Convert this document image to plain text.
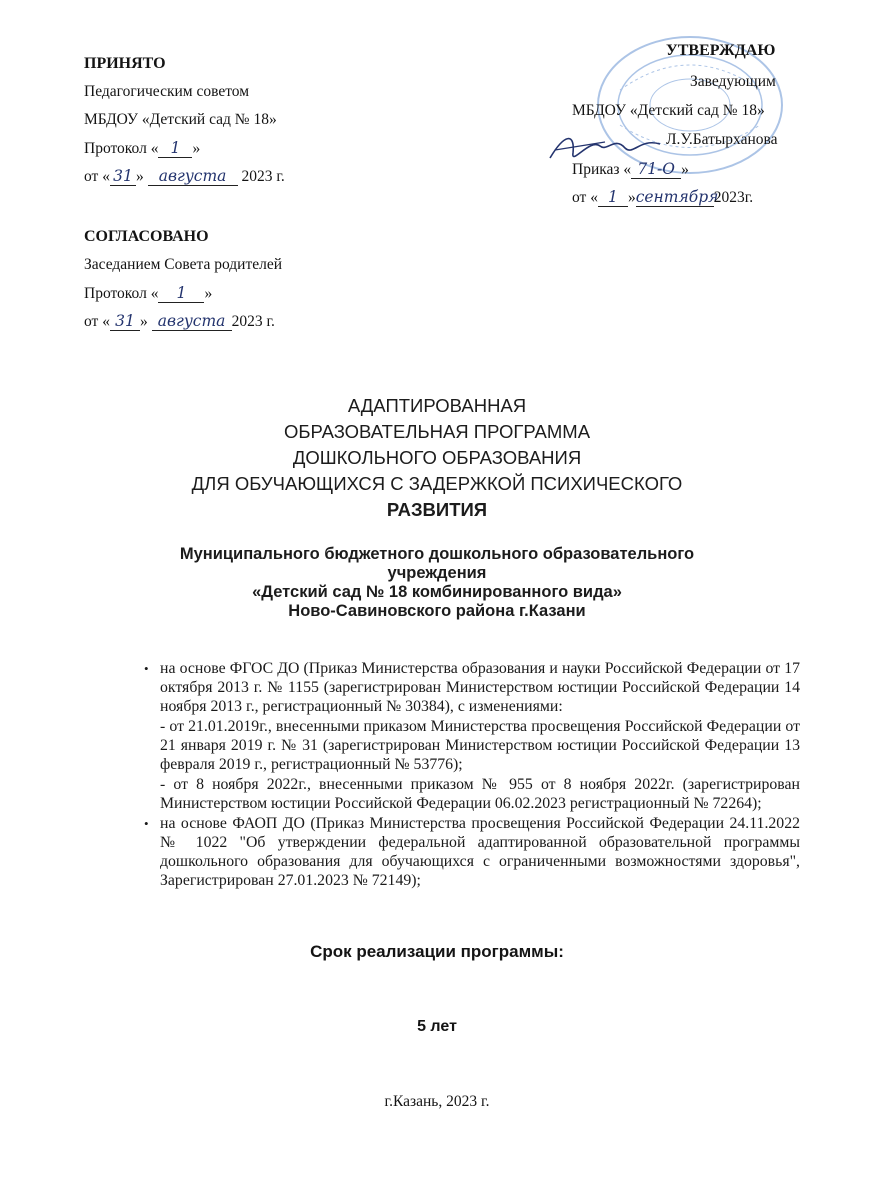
ПРИНЯТО
Педагогическим советом
МБДОУ «Детский сад № 18»
Протокол « 1 »
от « 31 » августа 2023 г.
УТВЕРЖДАЮ
Заведующим
МБДОУ «Детский сад № 18»
Л.У.Батырханова
Приказ « 71-О »
от « 1 »сентября2023г.
СОГЛАСОВАНО
Заседанием Совета родителей
Протокол « 1 »
от « 31 » августа 2023 г.
АДАПТИРОВАННАЯ
ОБРАЗОВАТЕЛЬНАЯ ПРОГРАММА
ДОШКОЛЬНОГО ОБРАЗОВАНИЯ
ДЛЯ ОБУЧАЮЩИХСЯ С ЗАДЕРЖКОЙ ПСИХИЧЕСКОГО
РАЗВИТИЯ
Муниципального бюджетного дошкольного образовательного
учреждения
«Детский сад № 18 комбинированного вида»
Ново-Савиновского района г.Казани
• на основе ФГОС ДО (Приказ Министерства образования и науки Российской Федерации от 17 октября 2013 г. № 1155 (зарегистрирован Министерством юстиции Российской Федерации 14 ноября 2013 г., регистрационный № 30384), с изменениями:

- от 21.01.2019г., внесенными приказом Министерства просвещения Российской Федерации от 21 января 2019 г. № 31 (зарегистрирован Министерством юстиции Российской Федерации 13 февраля 2019 г., регистрационный № 53776);

- от 8 ноября 2022г., внесенными приказом № 955 от 8 ноября 2022г. (зарегистрирован Министерством юстиции Российской Федерации 06.02.2023 регистрационный № 72264);

• на основе ФАОП ДО (Приказ Министерства просвещения Российской Федерации 24.11.2022 № 1022 "Об утверждении федеральной адаптированной образовательной программы дошкольного образования для обучающихся с ограниченными возможностями здоровья", Зарегистрирован 27.01.2023 № 72149);

Срок реализации программы:
5 лет
г.Казань, 2023 г.
